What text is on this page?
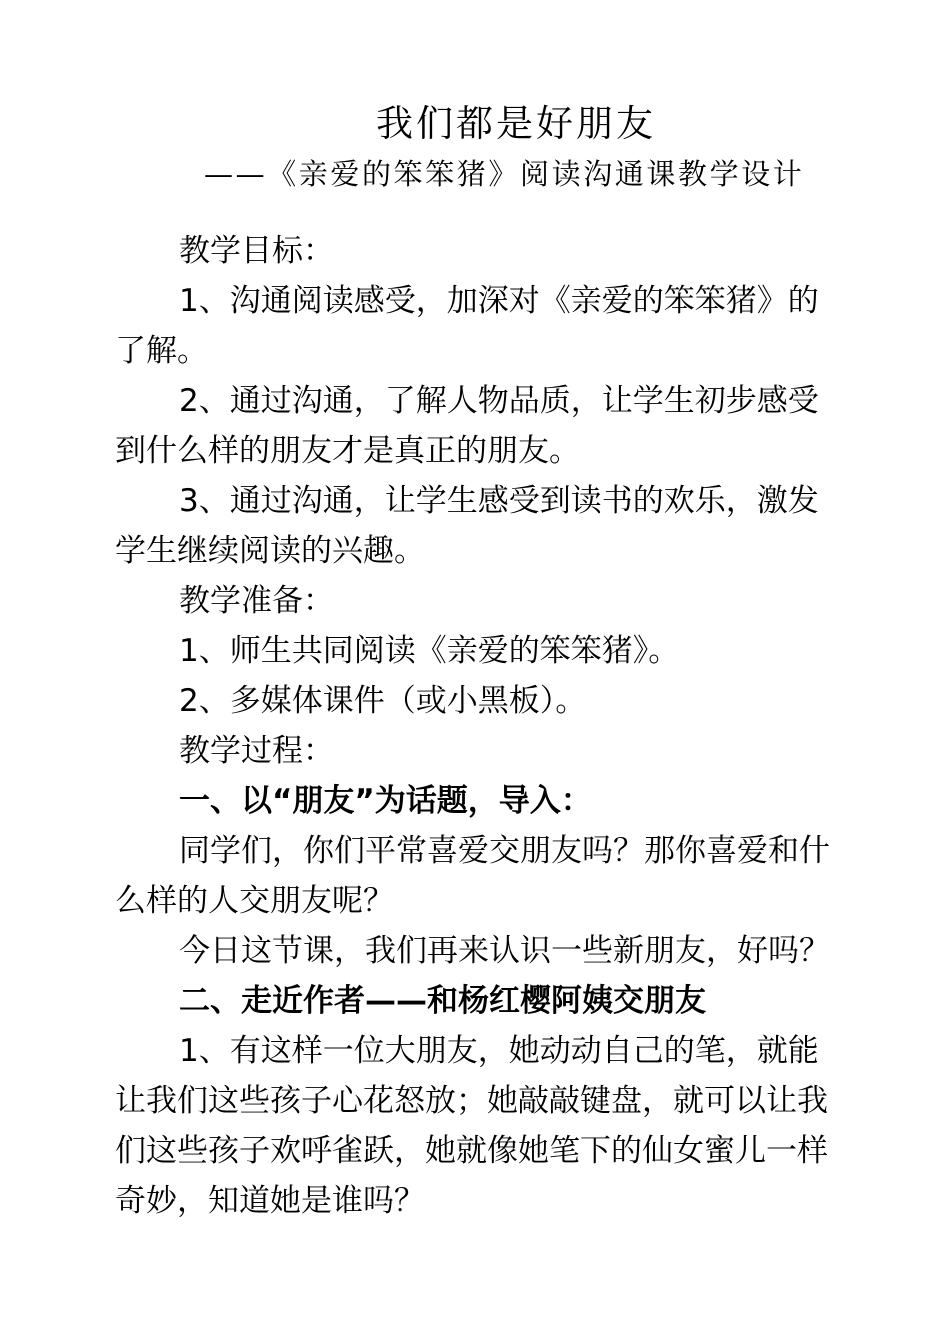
我们都是好朋友
——《亲爱的笨笨猪》阅读沟通课教学设计

教学目标：

1、沟通阅读感受，加深对《亲爱的笨笨猪》的了解。

2、通过沟通，了解人物品质，让学生初步感受到什么样的朋友才是真正的朋友。

3、通过沟通，让学生感受到读书的欢乐，激发学生继续阅读的兴趣。

教学准备：

1、师生共同阅读《亲爱的笨笨猪》。

2、多媒体课件（或小黑板）。

教学过程：

一、以“朋友”为话题，导入：

同学们，你们平常喜爱交朋友吗？那你喜爱和什么样的人交朋友呢？

今日这节课，我们再来认识一些新朋友，好吗？

二、走近作者——和杨红樱阿姨交朋友

1、有这样一位大朋友，她动动自己的笔，就能让我们这些孩子心花怒放；她敲敲键盘，就可以让我们这些孩子欢呼雀跃，她就像她笔下的仙女蜜儿一样奇妙，知道她是谁吗？
